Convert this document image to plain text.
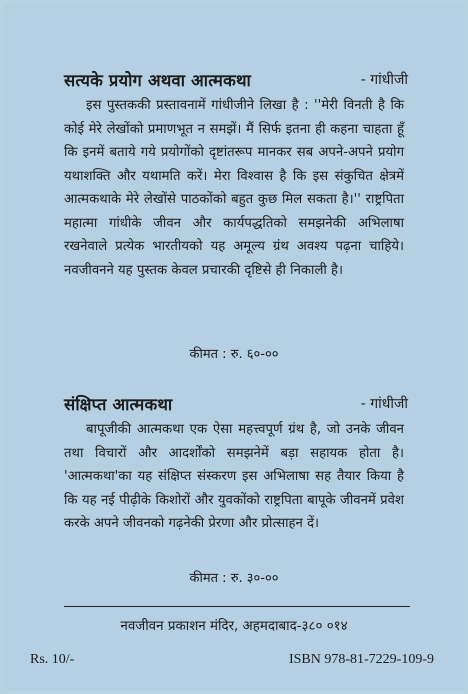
सत्यके प्रयोग अथवा आत्मकथा	- गांधीजी
इस पुस्तककी प्रस्तावनामें गांधीजीने लिखा है : ''मेरी विनती है कि कोई मेरे लेखोंको प्रमाणभूत न समझें। मैं सिर्फ इतना ही कहना चाहता हूँ कि इनमें बताये गये प्रयोगोंको दृष्टांतरूप मानकर सब अपने-अपने प्रयोग यथाशक्ति और यथामति करें। मेरा विश्वास है कि इस संकुचित क्षेत्रमें आत्मकथाके मेरे लेखोंसे पाठकोंको बहुत कुछ मिल सकता है।'' राष्ट्रपिता महात्मा गांधीके जीवन और कार्यपद्धतिको समझनेकी अभिलाषा रखनेवाले प्रत्येक भारतीयको यह अमूल्य ग्रंथ अवश्य पढ़ना चाहिये। नवजीवनने यह पुस्तक केवल प्रचारकी दृष्टिसे ही निकाली है।
कीमत : रु. ६०-००
संक्षिप्त आत्मकथा	- गांधीजी
बापूजीकी आत्मकथा एक ऐसा महत्त्वपूर्ण ग्रंथ है, जो उनके जीवन तथा विचारों और आदर्शोंको समझनेमें बड़ा सहायक होता है। 'आत्मकथा'का यह संक्षिप्त संस्करण इस अभिलाषा सह तैयार किया है कि यह नई पीढ़ीके किशोरों और युवकोंको राष्ट्रपिता बापूके जीवनमें प्रवेश करके अपने जीवनको गढ़नेकी प्रेरणा और प्रोत्साहन दें।
कीमत : रु. ३०-००
नवजीवन प्रकाशन मंदिर, अहमदाबाद-३८० ०१४
Rs. 10/-	ISBN 978-81-7229-109-9
